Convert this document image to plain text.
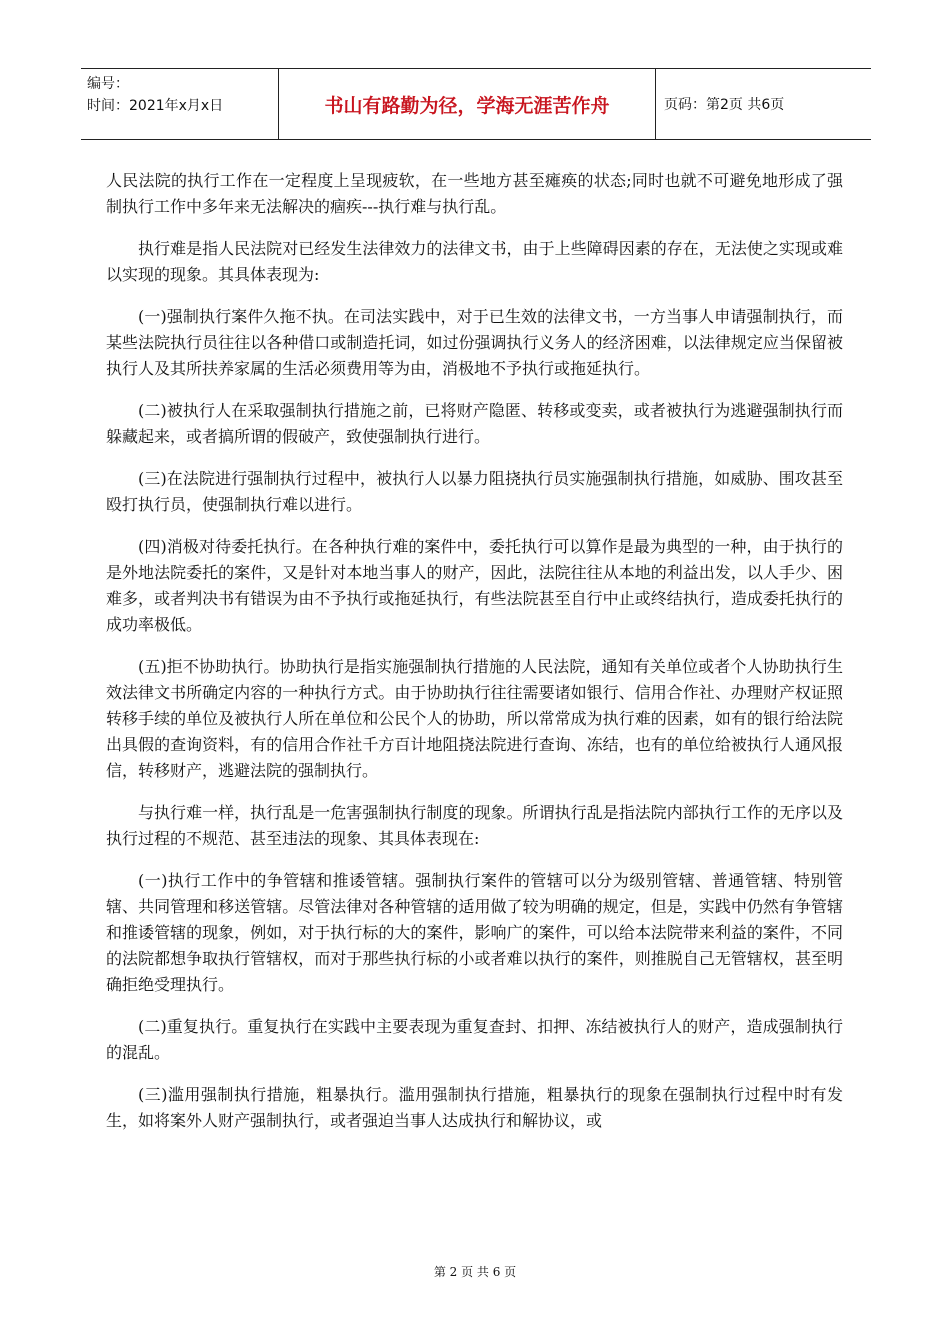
编号：
时间：2021年x月x日	书山有路勤为径，学海无涯苦作舟	页码：第2页 共6页

人民法院的执行工作在一定程度上呈现疲软，在一些地方甚至瘫痪的状态;同时也就不可避免地形成了强制执行工作中多年来无法解决的痼疾---执行难与执行乱。

执行难是指人民法院对已经发生法律效力的法律文书，由于上些障碍因素的存在，无法使之实现或难以实现的现象。其具体表现为:

(一)强制执行案件久拖不执。在司法实践中，对于已生效的法律文书，一方当事人申请强制执行，而某些法院执行员往往以各种借口或制造托词，如过份强调执行义务人的经济困难，以法律规定应当保留被执行人及其所扶养家属的生活必须费用等为由，消极地不予执行或拖延执行。

(二)被执行人在采取强制执行措施之前，已将财产隐匿、转移或变卖，或者被执行为逃避强制执行而躲藏起来，或者搞所谓的假破产，致使强制执行进行。

(三)在法院进行强制执行过程中，被执行人以暴力阻挠执行员实施强制执行措施，如威胁、围攻甚至殴打执行员，使强制执行难以进行。

(四)消极对待委托执行。在各种执行难的案件中，委托执行可以算作是最为典型的一种，由于执行的是外地法院委托的案件，又是针对本地当事人的财产，因此，法院往往从本地的利益出发，以人手少、困难多，或者判决书有错误为由不予执行或拖延执行，有些法院甚至自行中止或终结执行，造成委托执行的成功率极低。

(五)拒不协助执行。协助执行是指实施强制执行措施的人民法院，通知有关单位或者个人协助执行生效法律文书所确定内容的一种执行方式。由于协助执行往往需要诸如银行、信用合作社、办理财产权证照转移手续的单位及被执行人所在单位和公民个人的协助，所以常常成为执行难的因素，如有的银行给法院出具假的查询资料，有的信用合作社千方百计地阻挠法院进行查询、冻结，也有的单位给被执行人通风报信，转移财产，逃避法院的强制执行。

与执行难一样，执行乱是一危害强制执行制度的现象。所谓执行乱是指法院内部执行工作的无序以及执行过程的不规范、甚至违法的现象、其具体表现在:

(一)执行工作中的争管辖和推诿管辖。强制执行案件的管辖可以分为级别管辖、普通管辖、特别管辖、共同管理和移送管辖。尽管法律对各种管辖的适用做了较为明确的规定，但是，实践中仍然有争管辖和推诿管辖的现象，例如，对于执行标的大的案件，影响广的案件，可以给本法院带来利益的案件，不同的法院都想争取执行管辖权，而对于那些执行标的小或者难以执行的案件，则推脱自己无管辖权，甚至明确拒绝受理执行。

(二)重复执行。重复执行在实践中主要表现为重复查封、扣押、冻结被执行人的财产，造成强制执行的混乱。

(三)滥用强制执行措施，粗暴执行。滥用强制执行措施，粗暴执行的现象在强制执行过程中时有发生，如将案外人财产强制执行，或者强迫当事人达成执行和解协议，或

第 2 页 共 6 页
